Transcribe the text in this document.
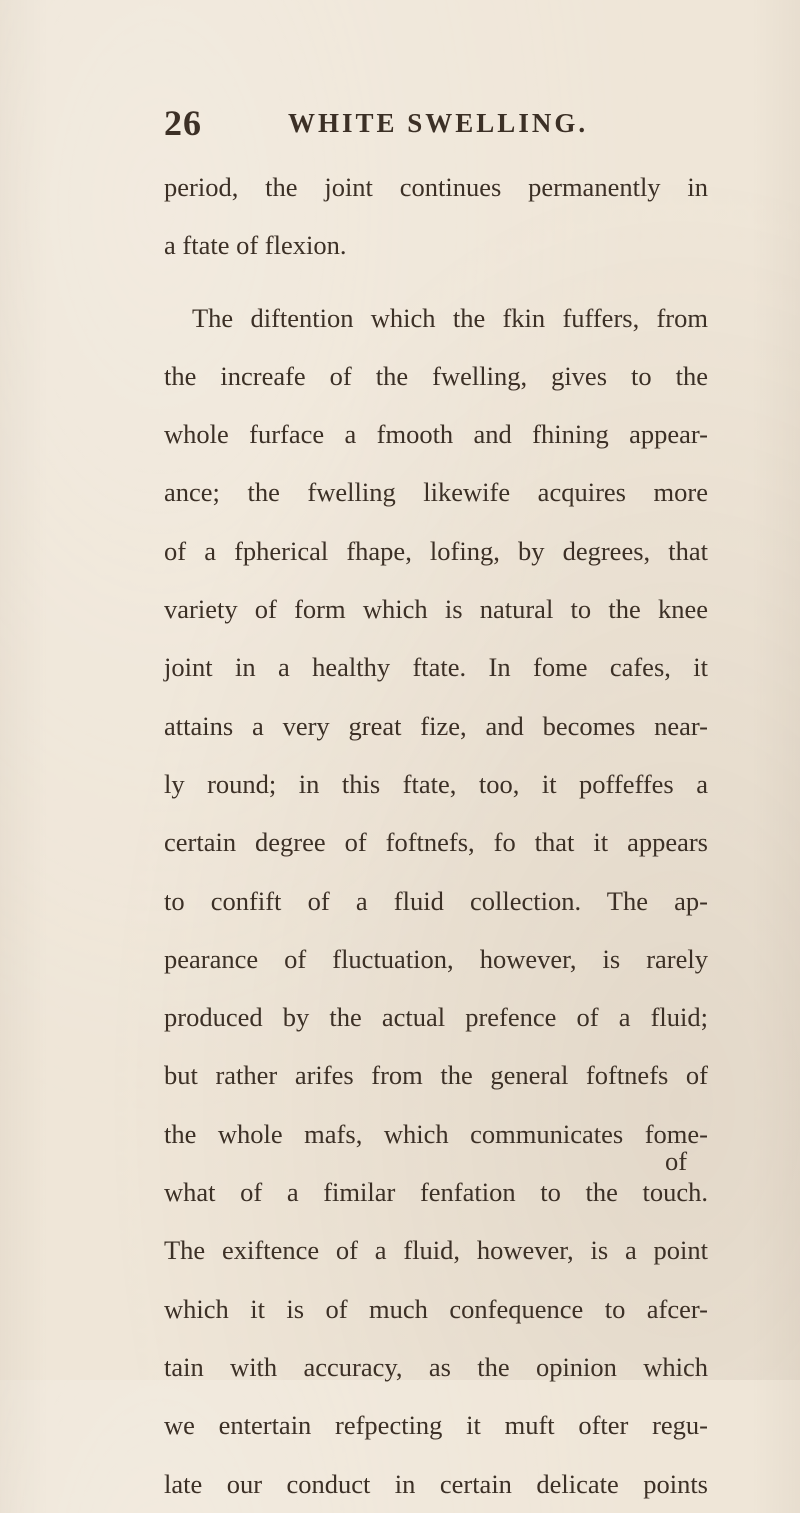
26	WHITE SWELLING.
period, the joint continues permanently in
a ftate of flexion.
The diftention which the fkin fuffers, from
the increafe of the fwelling, gives to the
whole furface a fmooth and fhining appear-
ance; the fwelling likewife acquires more
of a fpherical fhape, lofing, by degrees, that
variety of form which is natural to the knee
joint in a healthy ftate. In fome cafes, it
attains a very great fize, and becomes near-
ly round; in this ftate, too, it poffeffes a
certain degree of foftnefs, fo that it appears
to confift of a fluid collection. The ap-
pearance of fluctuation, however, is rarely
produced by the actual prefence of a fluid;
but rather arifes from the general foftnefs of
the whole mafs, which communicates fome-
what of a fimilar fenfation to the touch.
The exiftence of a fluid, however, is a point
which it is of much confequence to afcer-
tain with accuracy, as the opinion which
we entertain refpecting it muft ofter regu-
late our conduct in certain delicate points
of
